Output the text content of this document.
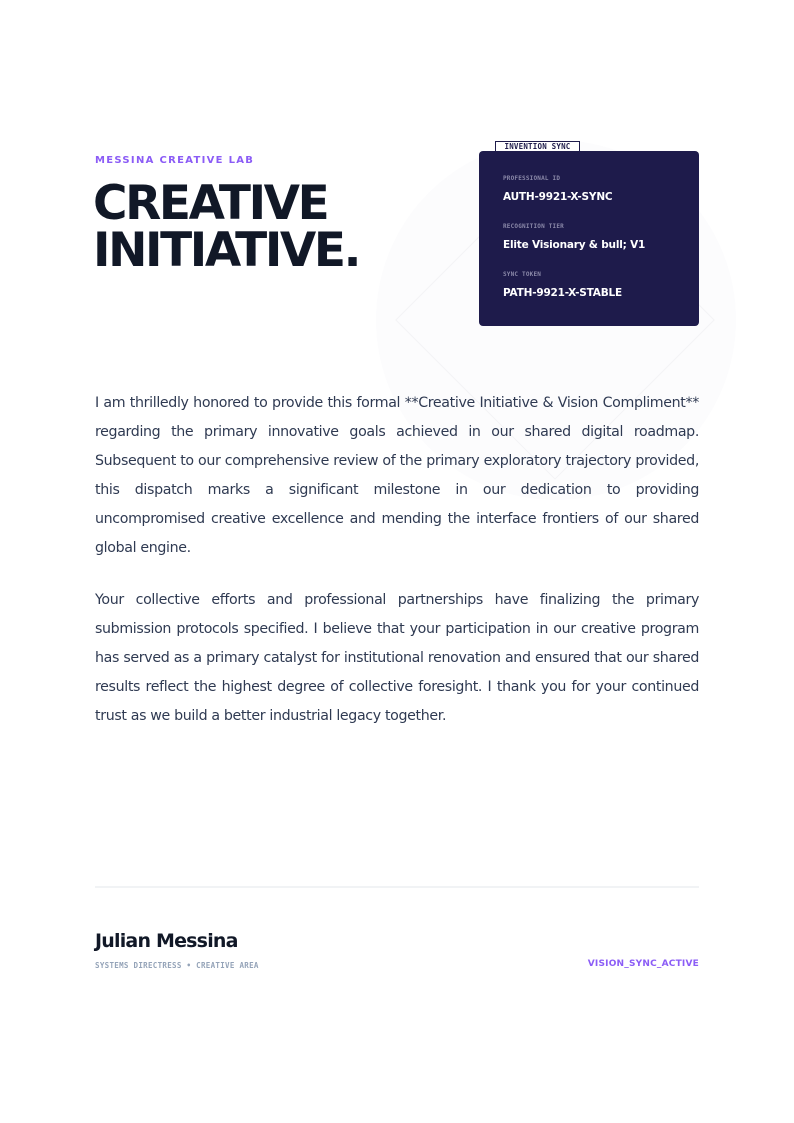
MESSINA CREATIVE LAB
CREATIVE
INITIATIVE.
INVENTION SYNC
PROFESSIONAL ID
AUTH-9921-X-SYNC
RECOGNITION TIER
Elite Visionary & bull; V1
SYNC TOKEN
PATH-9921-X-STABLE

I am thrilledly honored to provide this formal **Creative Initiative & Vision Compliment** regarding the primary innovative goals achieved in our shared digital roadmap. Subsequent to our comprehensive review of the primary exploratory trajectory provided, this dispatch marks a significant milestone in our dedication to providing uncompromised creative excellence and mending the interface frontiers of our shared global engine.

Your collective efforts and professional partnerships have finalizing the primary submission protocols specified. I believe that your participation in our creative program has served as a primary catalyst for institutional renovation and ensured that our shared results reflect the highest degree of collective foresight. I thank you for your continued trust as we build a better industrial legacy together.

Julian Messina
SYSTEMS DIRECTRESS • CREATIVE AREA	VISION_SYNC_ACTIVE
